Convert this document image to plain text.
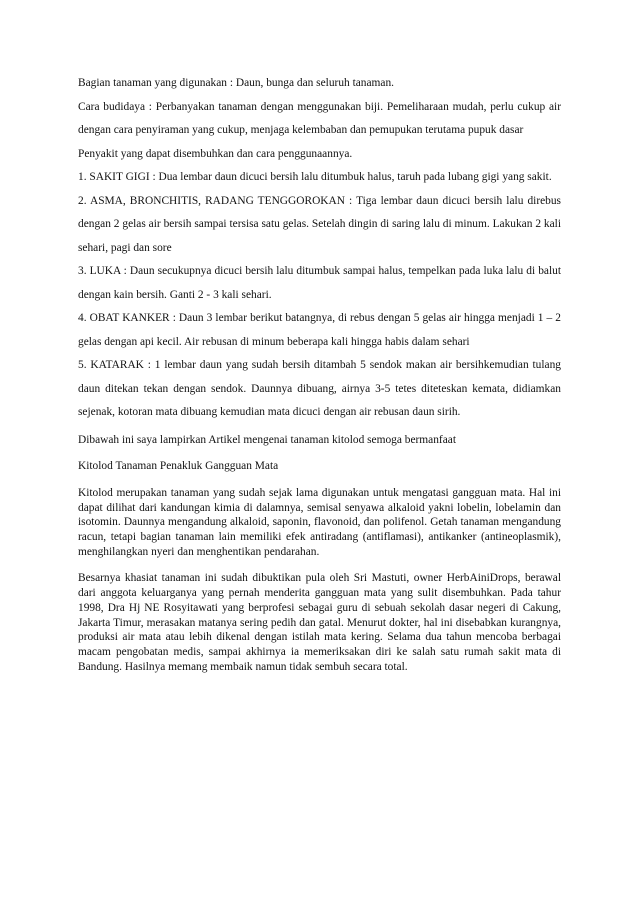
Bagian tanaman yang digunakan : Daun, bunga dan seluruh tanaman.

Cara budidaya : Perbanyakan tanaman dengan menggunakan biji. Pemeliharaan mudah, perlu cukup air dengan cara penyiraman yang cukup, menjaga kelembaban dan pemupukan terutama pupuk dasar

Penyakit yang dapat disembuhkan dan cara penggunaannya.

1. SAKIT GIGI : Dua lembar daun dicuci bersih lalu ditumbuk halus, taruh pada lubang gigi yang sakit.

2. ASMA, BRONCHITIS, RADANG TENGGOROKAN : Tiga lembar daun dicuci bersih lalu direbus dengan 2 gelas air bersih sampai tersisa satu gelas. Setelah dingin di saring lalu di minum. Lakukan 2 kali sehari, pagi dan sore

3. LUKA : Daun secukupnya dicuci bersih lalu ditumbuk sampai halus, tempelkan pada luka lalu di balut dengan kain bersih. Ganti 2 - 3 kali sehari.

4. OBAT KANKER : Daun 3 lembar berikut batangnya, di rebus dengan 5 gelas air hingga menjadi 1 – 2 gelas dengan api kecil. Air rebusan di minum beberapa kali hingga habis dalam sehari

5. KATARAK : 1 lembar daun yang sudah bersih ditambah 5 sendok makan air bersihkemudian tulang daun ditekan tekan dengan sendok. Daunnya dibuang, airnya 3-5 tetes diteteskan kemata, didiamkan sejenak, kotoran mata dibuang kemudian mata dicuci dengan air rebusan daun sirih.

Dibawah ini saya lampirkan Artikel mengenai tanaman kitolod semoga bermanfaat

Kitolod Tanaman Penakluk Gangguan Mata

Kitolod merupakan tanaman yang sudah sejak lama digunakan untuk mengatasi gangguan mata. Hal ini dapat dilihat dari kandungan kimia di dalamnya, semisal senyawa alkaloid yakni lobelin, lobelamin dan isotomin. Daunnya mengandung alkaloid, saponin, flavonoid, dan polifenol. Getah tanaman mengandung racun, tetapi bagian tanaman lain memiliki efek antiradang (antiflamasi), antikanker (antineoplasmik), menghilangkan nyeri dan menghentikan pendarahan.

Besarnya khasiat tanaman ini sudah dibuktikan pula oleh Sri Mastuti, owner HerbAiniDrops, berawal dari anggota keluarganya yang pernah menderita gangguan mata yang sulit disembuhkan. Pada tahur 1998, Dra Hj NE Rosyitawati yang berprofesi sebagai guru di sebuah sekolah dasar negeri di Cakung, Jakarta Timur, merasakan matanya sering pedih dan gatal. Menurut dokter, hal ini disebabkan kurangnya, produksi air mata atau lebih dikenal dengan istilah mata kering. Selama dua tahun mencoba berbagai macam pengobatan medis, sampai akhirnya ia memeriksakan diri ke salah satu rumah sakit mata di Bandung. Hasilnya memang membaik namun tidak sembuh secara total.
